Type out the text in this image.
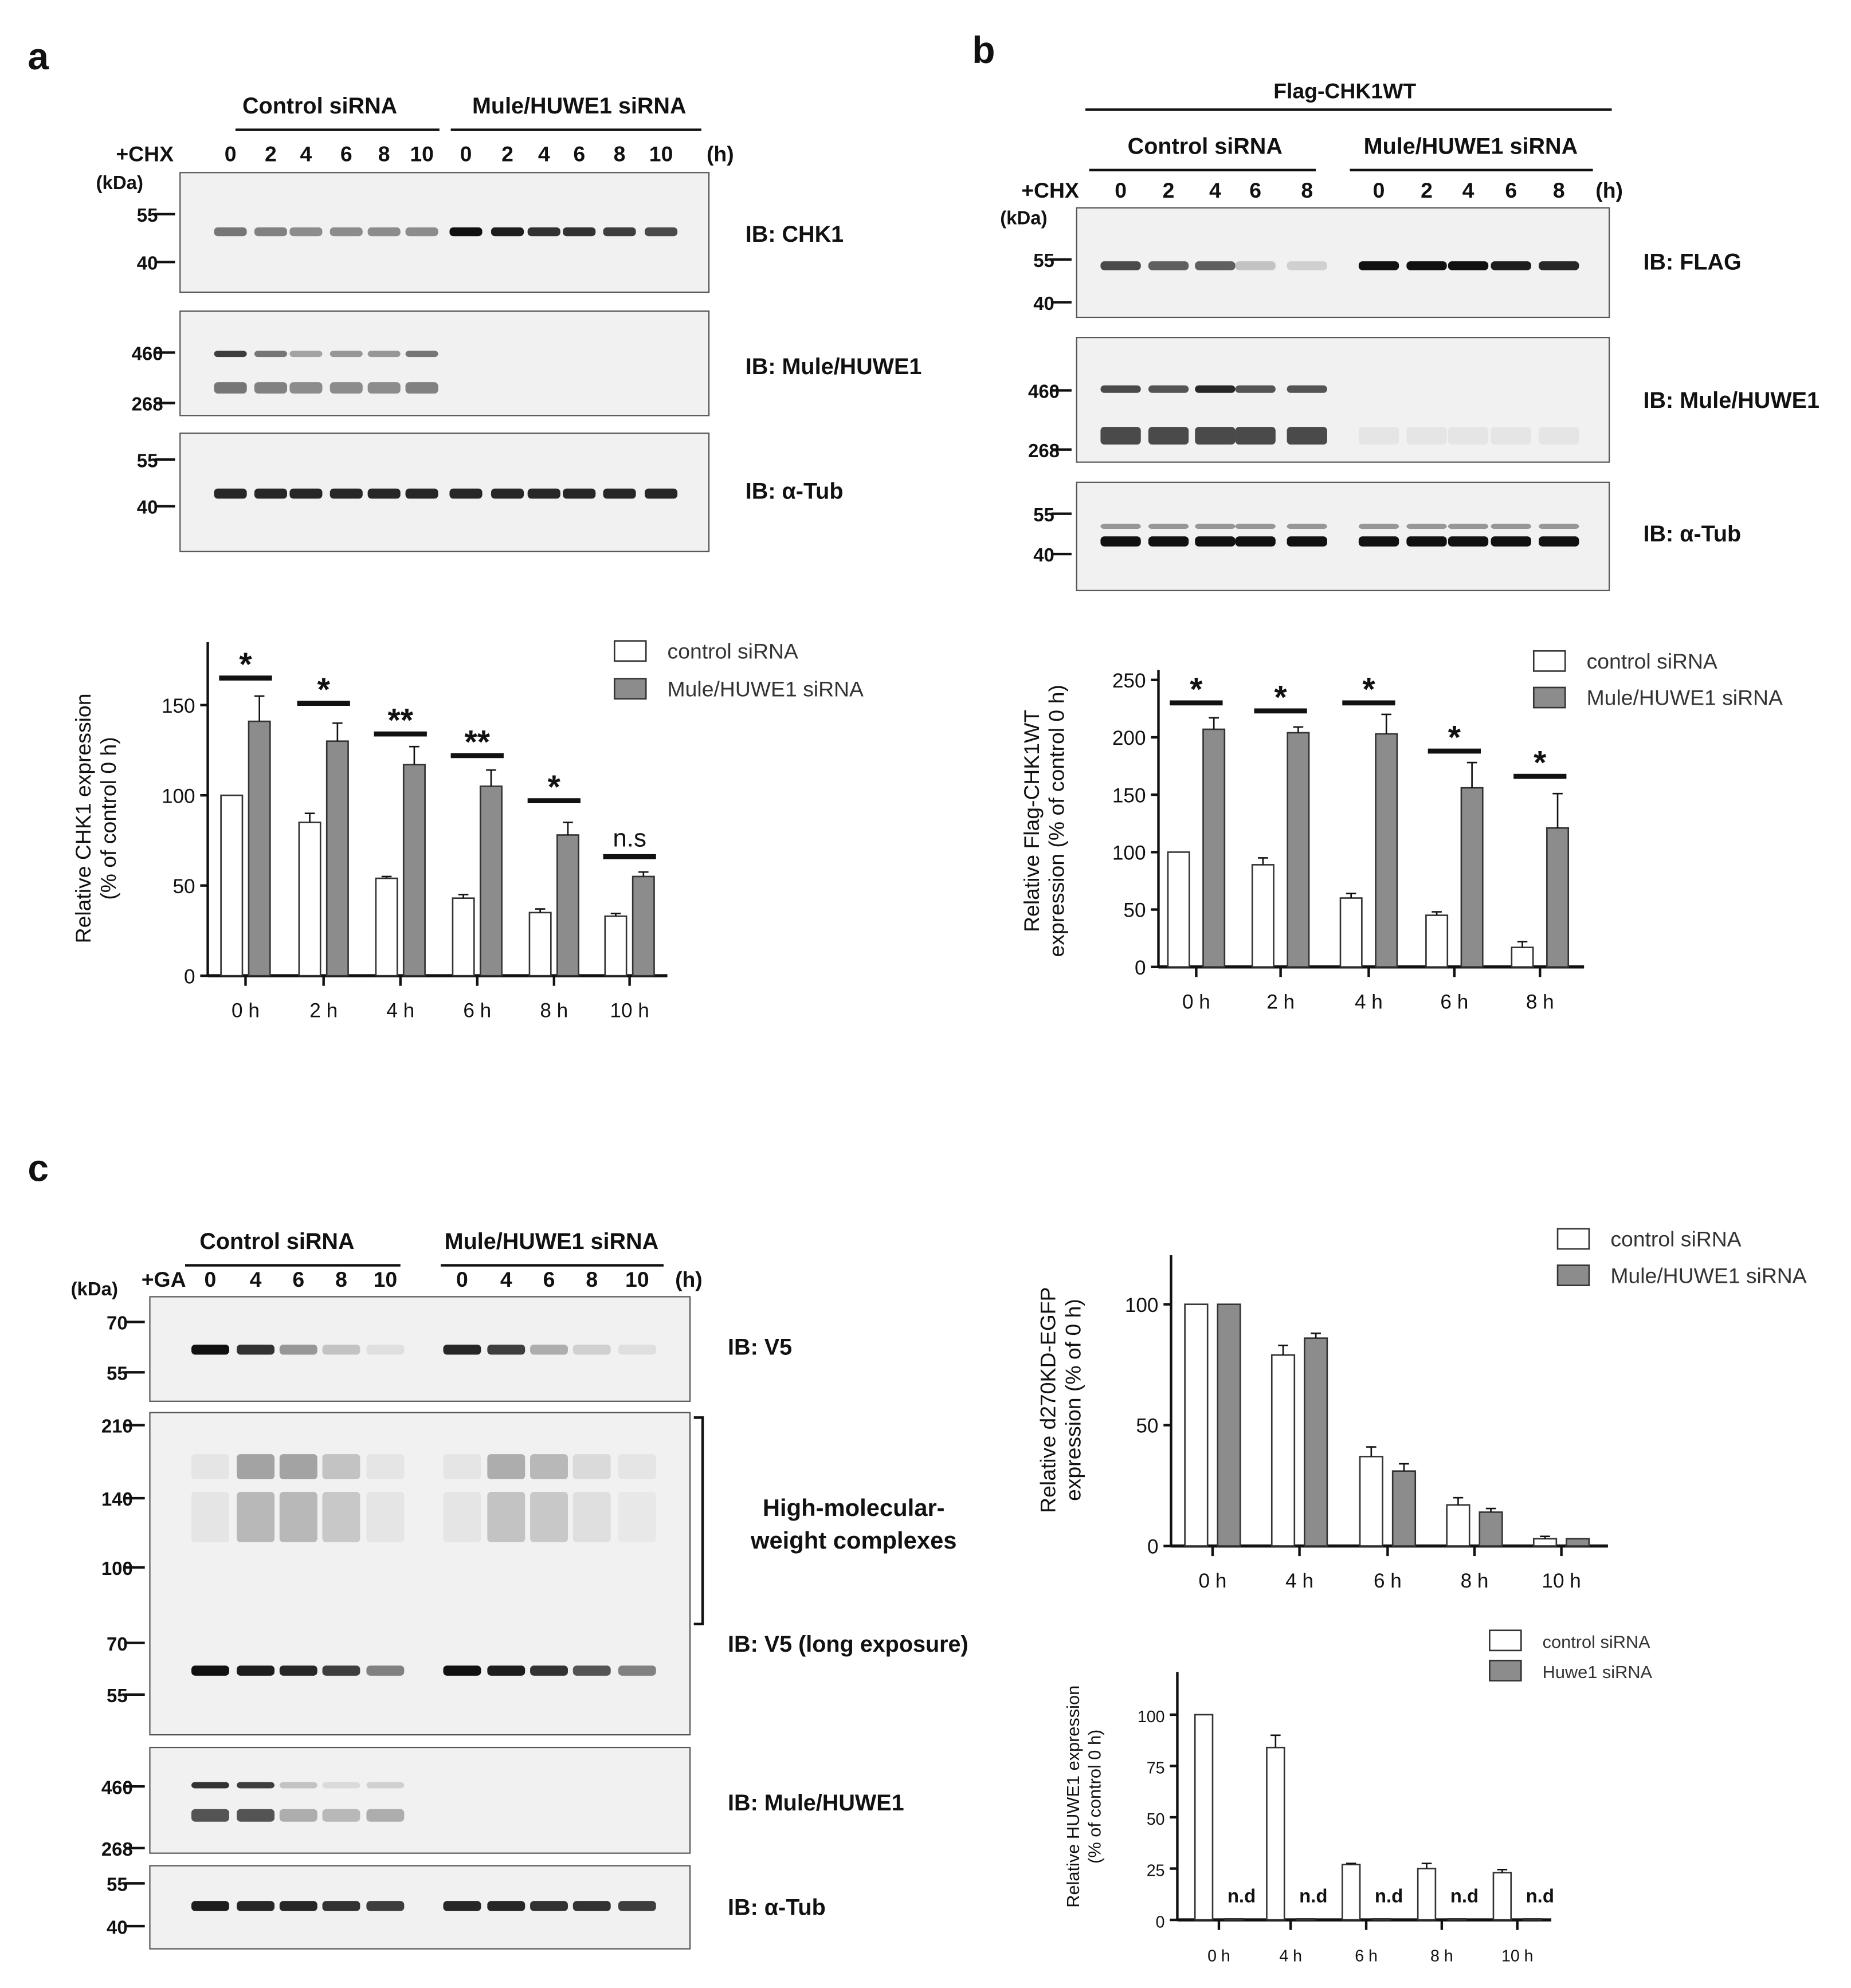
a
Control siRNA	Mule/HUWE1 siRNA
+CHX	0	2 4	6	8 10	0	2	4 6	8 10	(h)
(kDa)
55
40
IB: CHK1
460
268
IB: Mule/HUWE1
55
40
IB: α-Tub
b
Flag-CHK1WT
Control siRNA	Mule/HUWE1 siRNA
+CHX	0	2	4	6	8	0	2	4	6	8	(h)
(kDa)
55
40
IB: FLAG
460
268
IB: Mule/HUWE1
55
40
IB: α-Tub
c
Control siRNA	Mule/HUWE1 siRNA
+GA 0	4	6	8	10	0	4	6	8	10	(h)
(kDa)
70
55
IB: V5
210
140
100
70
55
IB: V5 (long exposure)
460
268
IB: Mule/HUWE1
55
40
IB: α-Tub
High-molecular-
weight complexes
0
50
100
150
0 h	2 h	4 h	6 h	8 h	10 h
*
*
**
**
*
n.s
control siRNA
Mule/HUWE1 siRNA
Relative CHK1 expression (% of control 0 h)
0
50
100
150
200
250
0 h	2 h	4 h	6 h	8 h
*	*	*
*
*
control siRNA
Mule/HUWE1 siRNA
Relative Flag-CHK1WT expression (% of control 0 h)
0
50
100
0 h	4 h	6 h	8 h	10 h
control siRNA
Mule/HUWE1 siRNA
Relative d270KD-EGFP expression (% of 0 h)
0
25
50
75
100
0 h	4 h	6 h	8 h	10 h
n.d	n.d	n.d	n.d	n.d
control siRNA
Huwe1 siRNA
Relative HUWE1 expression (% of control 0 h)
